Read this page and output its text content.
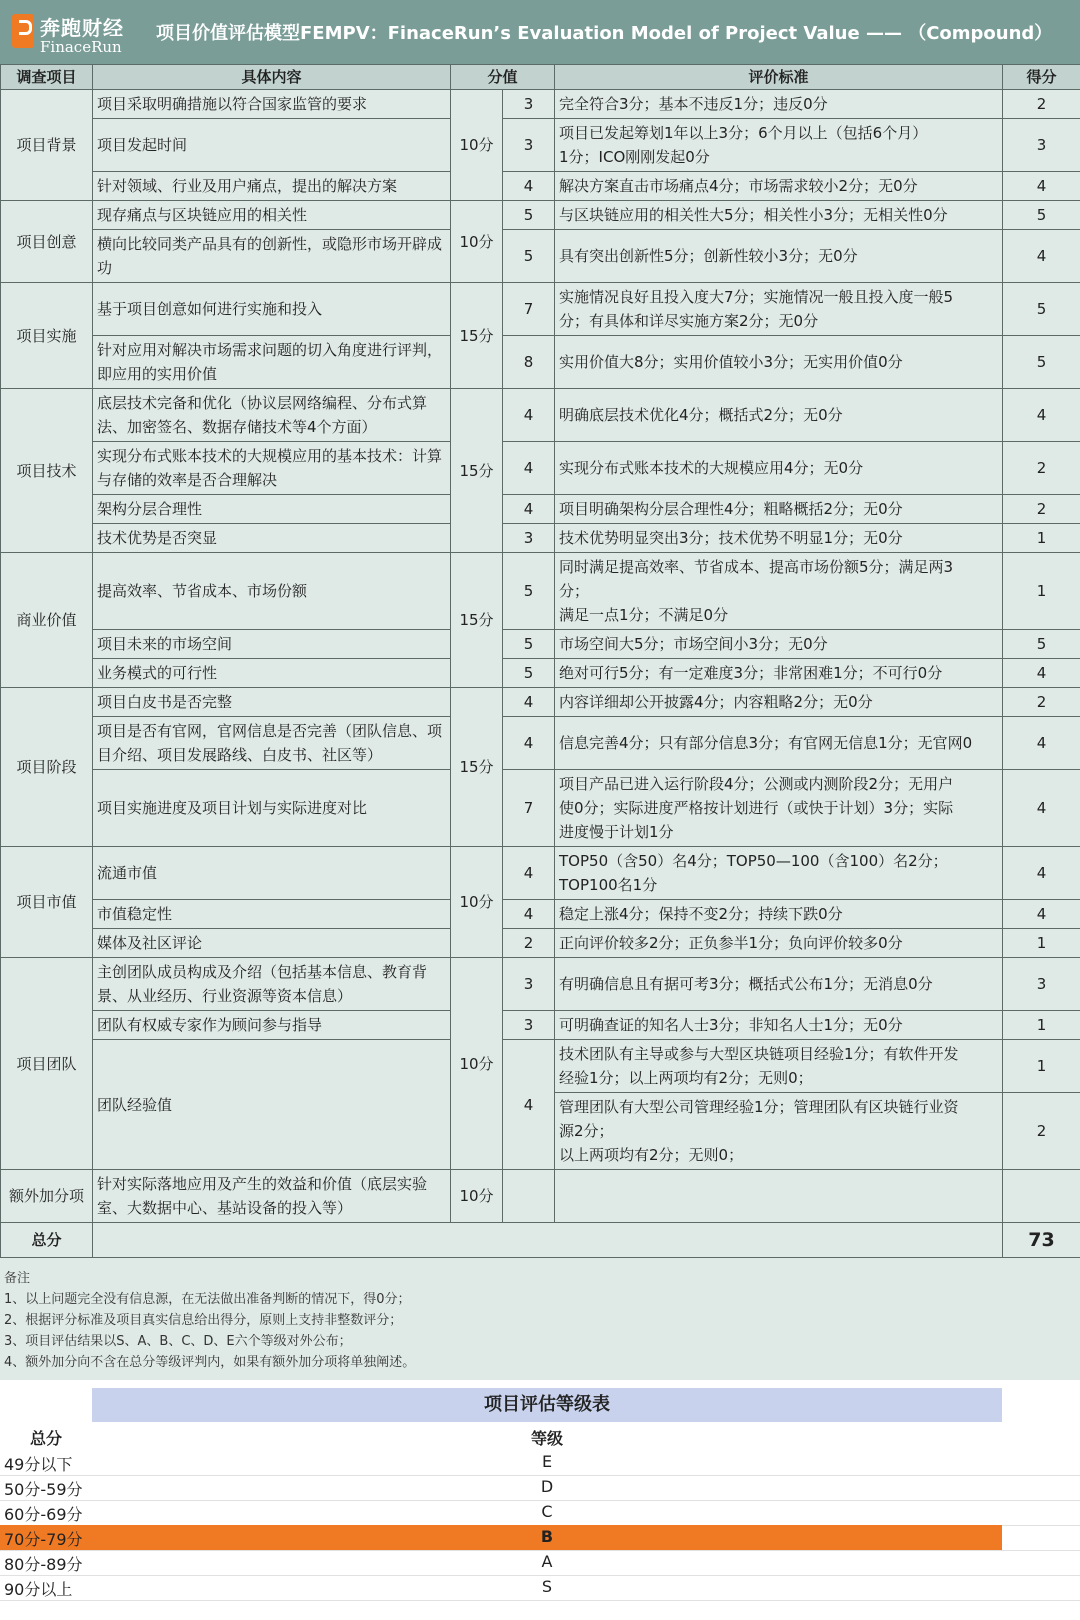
奔跑财经
FinaceRun
项目价值评估模型FEMPV：FinaceRun’s Evaluation Model of Project Value —— （Compound）
调查项目	具体内容	分值		评价标准	得分
项目背景	项目采取明确措施以符合国家监管的要求	10分	3	完全符合3分；基本不违反1分；违反0分	2
	项目发起时间		3	项目已发起筹划1年以上3分；6个月以上（包括6个月）
1分；ICO刚刚发起0分	3
	针对领域、行业及用户痛点，提出的解决方案		4	解决方案直击市场痛点4分；市场需求较小2分；无0分	4
项目创意	现存痛点与区块链应用的相关性	10分	5	与区块链应用的相关性大5分；相关性小3分；无相关性0分	5
	横向比较同类产品具有的创新性，或隐形市场开辟成功		5	具有突出创新性5分；创新性较小3分；无0分	4
项目实施	基于项目创意如何进行实施和投入	15分	7	实施情况良好且投入度大7分；实施情况一般且投入度一般5
分；有具体和详尽实施方案2分；无0分	5
	针对应用对解决市场需求问题的切入角度进行评判，即应用的实用价值		8	实用价值大8分；实用价值较小3分；无实用价值0分	5
项目技术	底层技术完备和优化（协议层网络编程、分布式算法、加密签名、数据存储技术等4个方面）	15分	4	明确底层技术优化4分；概括式2分；无0分	4
	实现分布式账本技术的大规模应用的基本技术：计算与存储的效率是否合理解决		4	实现分布式账本技术的大规模应用4分；无0分	2
	架构分层合理性		4	项目明确架构分层合理性4分；粗略概括2分；无0分	2
	技术优势是否突显		3	技术优势明显突出3分；技术优势不明显1分；无0分	1
商业价值	提高效率、节省成本、市场份额	15分	5	同时满足提高效率、节省成本、提高市场份额5分；满足两3
分；
满足一点1分；不满足0分	1
	项目未来的市场空间		5	市场空间大5分；市场空间小3分；无0分	5
	业务模式的可行性		5	绝对可行5分；有一定难度3分；非常困难1分；不可行0分	4
项目阶段	项目白皮书是否完整	15分	4	内容详细却公开披露4分；内容粗略2分；无0分	2
	项目是否有官网，官网信息是否完善（团队信息、项目介绍、项目发展路线、白皮书、社区等）		4	信息完善4分；只有部分信息3分；有官网无信息1分；无官网0	4
	项目实施进度及项目计划与实际进度对比		7	项目产品已进入运行阶段4分；公测或内测阶段2分；无用户
使0分；实际进度严格按计划进行（或快于计划）3分；实际
进度慢于计划1分	4
项目市值	流通市值	10分	4	TOP50（含50）名4分；TOP50—100（含100）名2分；
TOP100名1分	4
	市值稳定性		4	稳定上涨4分；保持不变2分；持续下跌0分	4
	媒体及社区评论		2	正向评价较多2分；正负参半1分；负向评价较多0分	1
项目团队	主创团队成员构成及介绍（包括基本信息、教育背景、从业经历、行业资源等资本信息）	10分	3	有明确信息且有据可考3分；概括式公布1分；无消息0分	3
	团队有权威专家作为顾问参与指导		3	可明确查证的知名人士3分；非知名人士1分；无0分	1
	团队经验值		4	技术团队有主导或参与大型区块链项目经验1分；有软件开发
经验1分；以上两项均有2分；无则0；	1
				管理团队有大型公司管理经验1分；管理团队有区块链行业资
源2分；
以上两项均有2分；无则0；	2
额外加分项	针对实际落地应用及产生的效益和价值（底层实验室、大数据中心、基站设备的投入等）	10分			
总分					73
备注
1、以上问题完全没有信息源，在无法做出准备判断的情况下，得0分；
2、根据评分标准及项目真实信息给出得分，原则上支持非整数评分；
3、项目评估结果以S、A、B、C、D、E六个等级对外公布；
4、额外加分向不含在总分等级评判内，如果有额外加分项将单独阐述。
项目评估等级表
总分	等级
49分以下	E
50分-59分	D
60分-69分	C
70分-79分	B
80分-89分	A
90分以上	S
